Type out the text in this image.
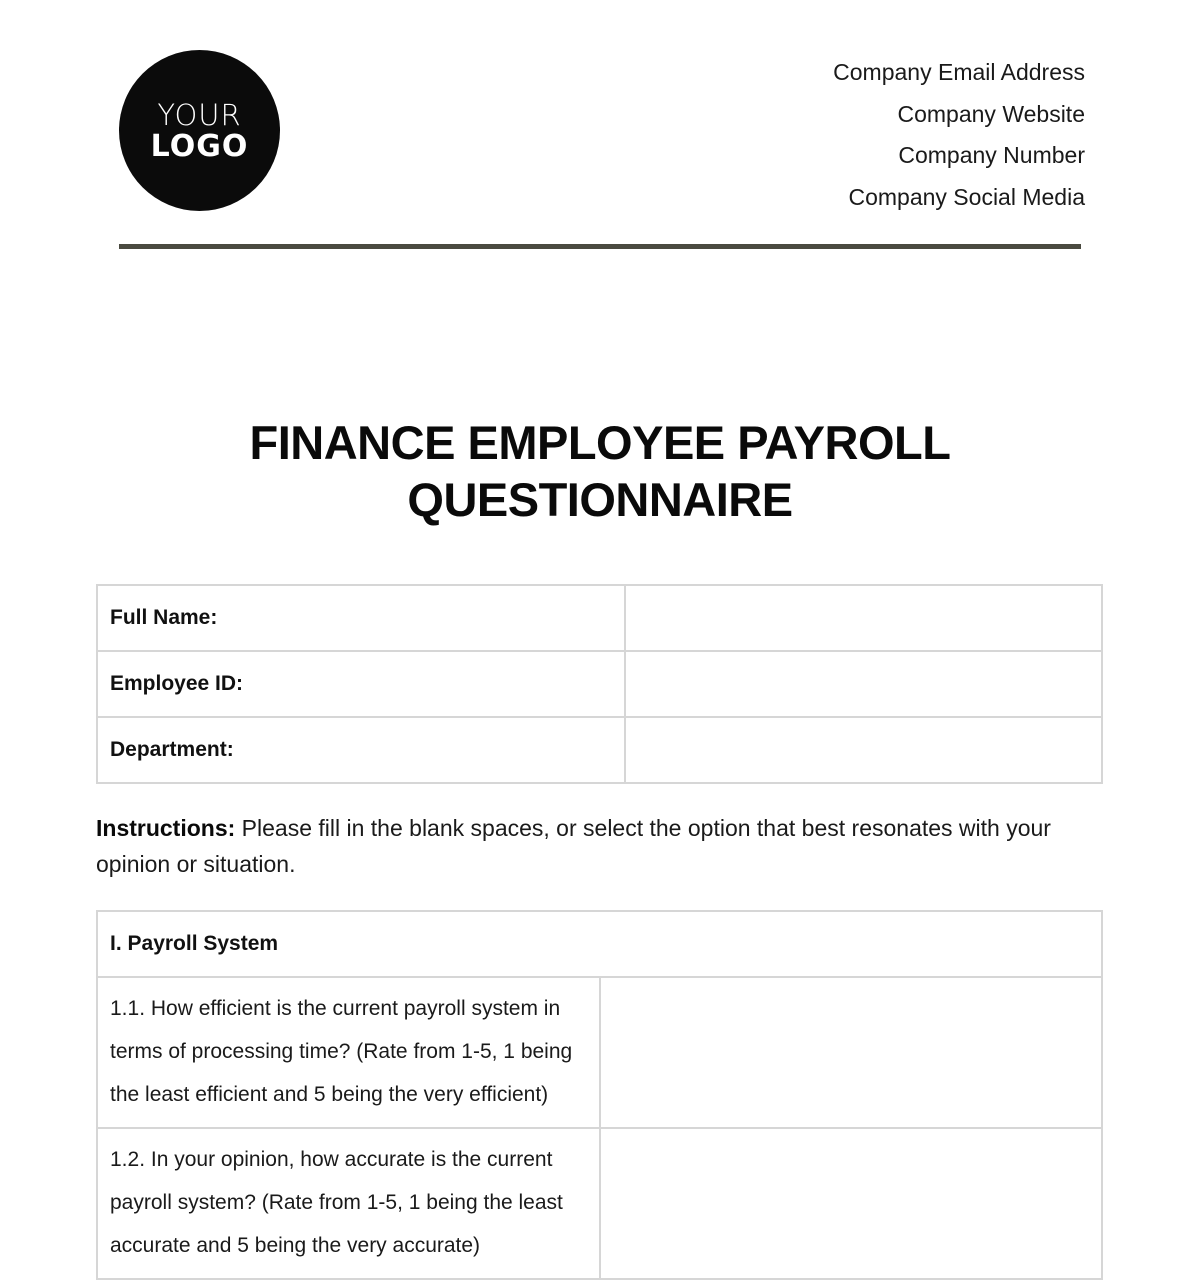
YOUR
LOGO
Company Email Address
Company Website
Company Number
Company Social Media
FINANCE EMPLOYEE PAYROLL
QUESTIONNAIRE
Full Name:	
Employee ID:	
Department:	
Instructions: Please fill in the blank spaces, or select the option that best resonates with your opinion or situation.
I. Payroll System	
1.1. How efficient is the current payroll system in terms of processing time? (Rate from 1-5, 1 being the least efficient and 5 being the very efficient)	
1.2. In your opinion, how accurate is the current payroll system? (Rate from 1-5, 1 being the least accurate and 5 being the very accurate)	
